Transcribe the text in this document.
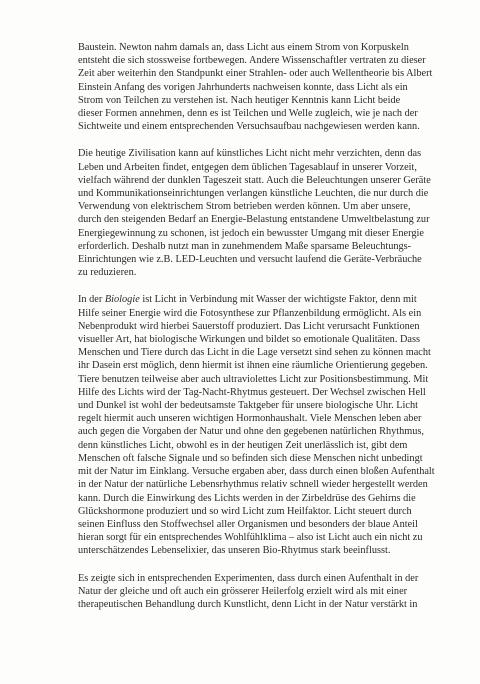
Baustein. Newton nahm damals an, dass Licht aus einem Strom von Korpuskeln
entsteht die sich stossweise fortbewegen. Andere Wissenschaftler vertraten zu dieser
Zeit aber weiterhin den Standpunkt einer Strahlen- oder auch Wellentheorie bis Albert
Einstein Anfang des vorigen Jahrhunderts nachweisen konnte, dass Licht als ein
Strom von Teilchen zu verstehen ist. Nach heutiger Kenntnis kann Licht beide
dieser Formen annehmen, denn es ist Teilchen und Welle zugleich, wie je nach der
Sichtweite und einem entsprechenden Versuchsaufbau nachgewiesen werden kann.

Die heutige Zivilisation kann auf künstliches Licht nicht mehr verzichten, denn das
Leben und Arbeiten findet, entgegen dem üblichen Tagesablauf in unserer Vorzeit,
vielfach während der dunklen Tageszeit statt. Auch die Beleuchtungen unserer Geräte
und Kommunikationseinrichtungen verlangen künstliche Leuchten, die nur durch die
Verwendung von elektrischem Strom betrieben werden können. Um aber unsere,
durch den steigenden Bedarf an Energie-Belastung entstandene Umweltbelastung zur
Energiegewinnung zu schonen, ist jedoch ein bewusster Umgang mit dieser Energie
erforderlich. Deshalb nutzt man in zunehmendem Maße sparsame Beleuchtungs-
Einrichtungen wie z.B. LED-Leuchten und versucht laufend die Geräte-Verbräuche
zu reduzieren.

In der Biologie ist Licht in Verbindung mit Wasser der wichtigste Faktor, denn mit
Hilfe seiner Energie wird die Fotosynthese zur Pflanzenbildung ermöglicht. Als ein
Nebenprodukt wird hierbei Sauerstoff produziert. Das Licht verursacht Funktionen
visueller Art, hat biologische Wirkungen und bildet so emotionale Qualitäten. Dass
Menschen und Tiere durch das Licht in die Lage versetzt sind sehen zu können macht
ihr Dasein erst möglich, denn hiermit ist ihnen eine räumliche Orientierung gegeben.
Tiere benutzen teilweise aber auch ultraviolettes Licht zur Positionsbestimmung. Mit
Hilfe des Lichts wird der Tag-Nacht-Rhytmus gesteuert. Der Wechsel zwischen Hell
und Dunkel ist wohl der bedeutsamste Taktgeber für unsere biologische Uhr. Licht
regelt hiermit auch unseren wichtigen Hormonhaushalt. Viele Menschen leben aber
auch gegen die Vorgaben der Natur und ohne den gegebenen natürlichen Rhythmus,
denn künstliches Licht, obwohl es in der heutigen Zeit unerlässlich ist, gibt dem
Menschen oft falsche Signale und so befinden sich diese Menschen nicht unbedingt
mit der Natur im Einklang. Versuche ergaben aber, dass durch einen bloßen Aufenthalt
in der Natur der natürliche Lebensrhythmus relativ schnell wieder hergestellt werden
kann. Durch die Einwirkung des Lichts werden in der Zirbeldrüse des Gehirns die
Glückshormone produziert und so wird Licht zum Heilfaktor. Licht steuert durch
seinen Einfluss den Stoffwechsel aller Organismen und besonders der blaue Anteil
hieran sorgt für ein entsprechendes Wohlfühlklima – also ist Licht auch ein nicht zu
unterschätzendes Lebenselixier, das unseren Bio-Rhytmus stark beeinflusst.

Es zeigte sich in entsprechenden Experimenten, dass durch einen Aufenthalt in der
Natur der gleiche und oft auch ein grösserer Heilerfolg erzielt wird als mit einer
therapeutischen Behandlung durch Kunstlicht, denn Licht in der Natur verstärkt in
